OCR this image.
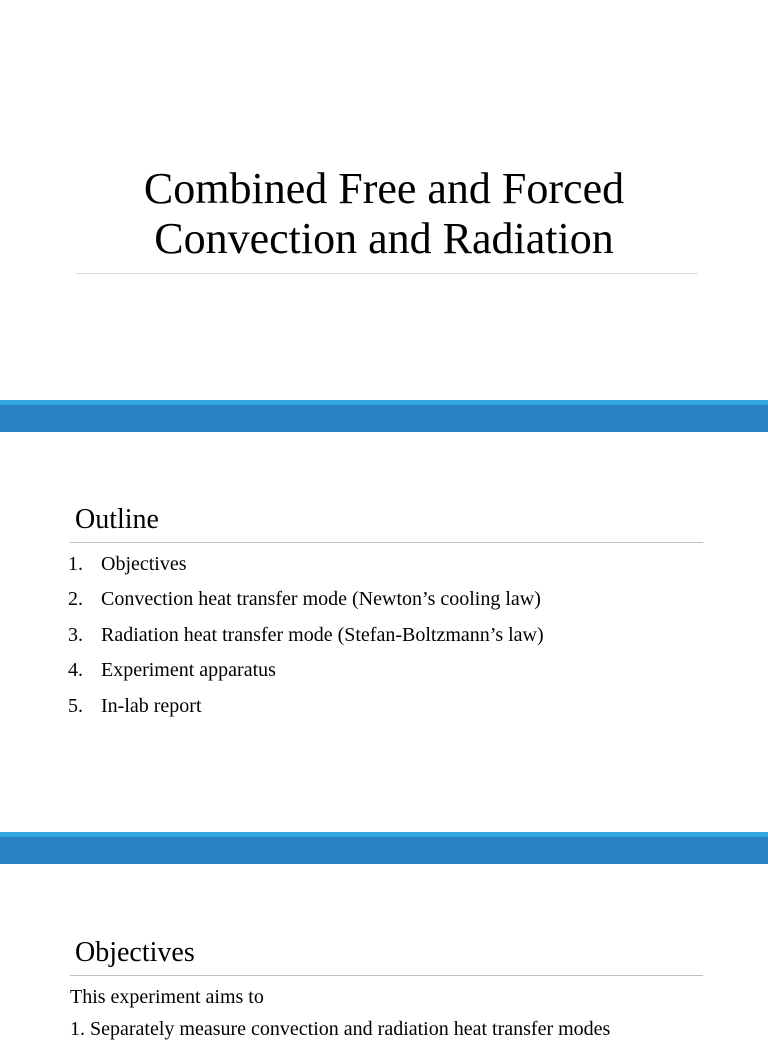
Combined Free and Forced
Convection and Radiation
Outline
1. Objectives
2. Convection heat transfer mode (Newton’s cooling law)
3. Radiation heat transfer mode (Stefan-Boltzmann’s law)
4. Experiment apparatus
5. In-lab report
Objectives
This experiment aims to
1. Separately measure convection and radiation heat transfer modes
